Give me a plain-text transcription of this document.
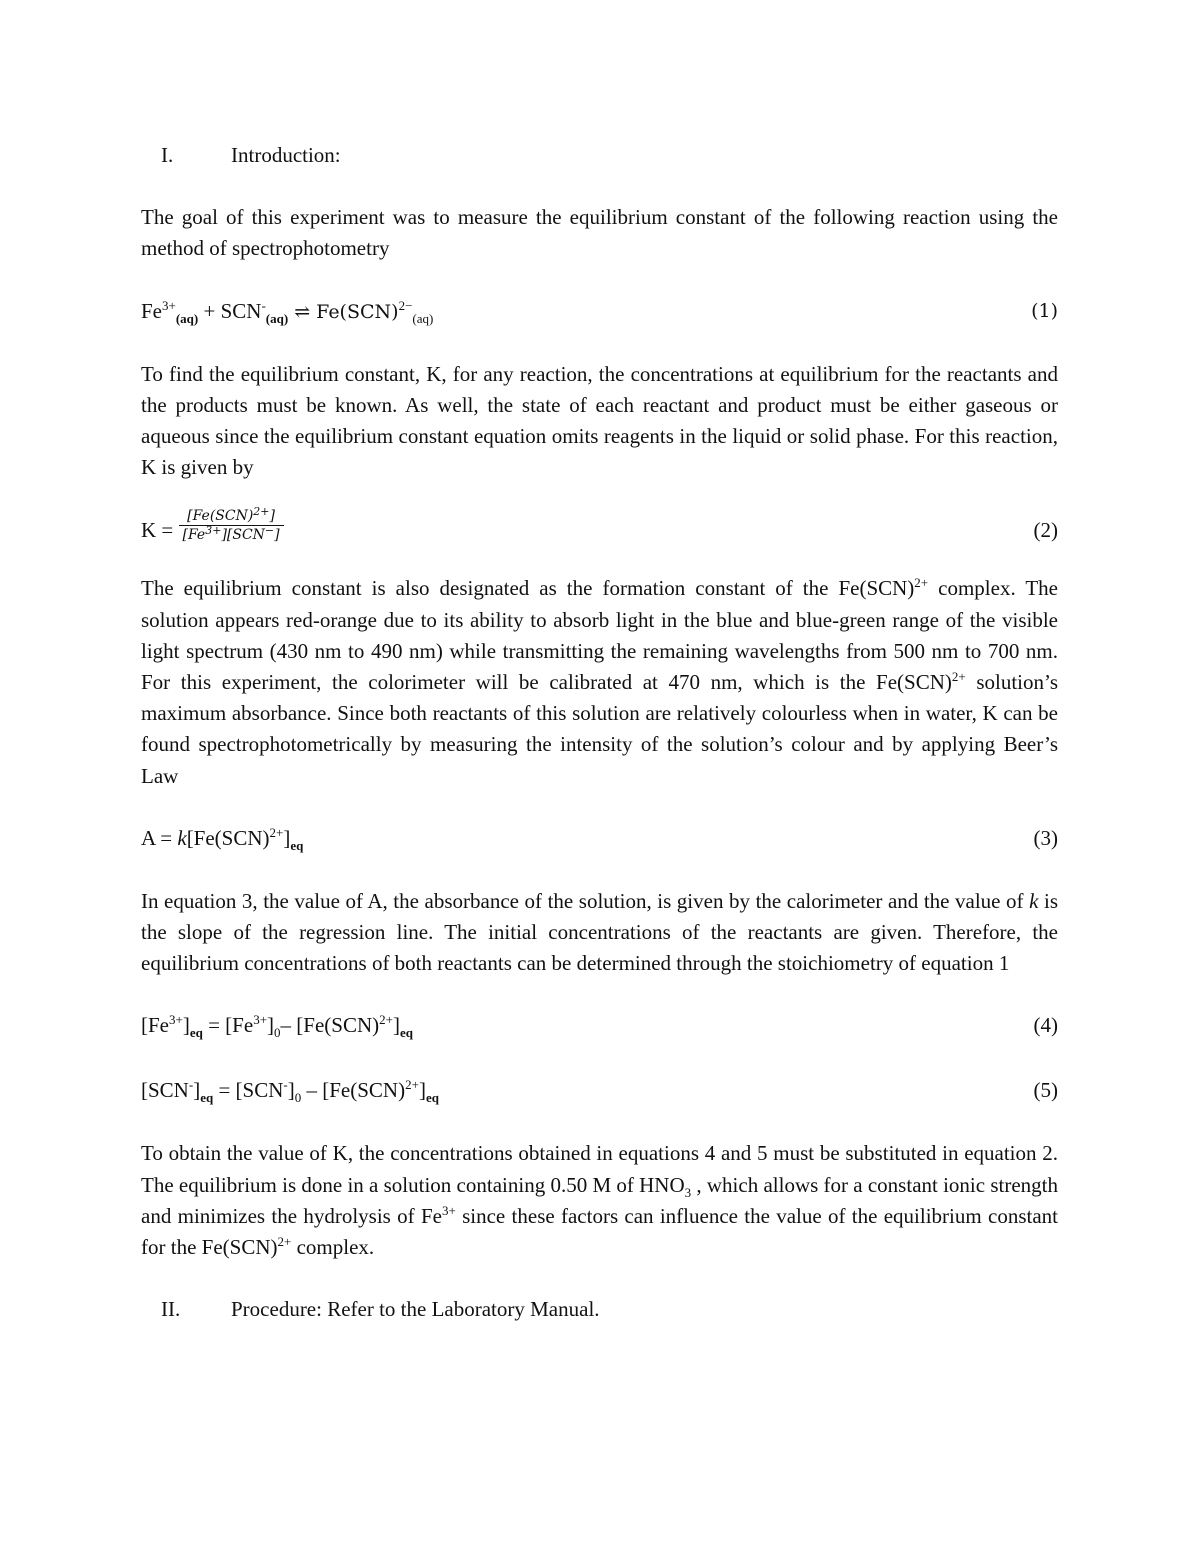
I.	Introduction:

The goal of this experiment was to measure the equilibrium constant of the following reaction using the method of spectrophotometry

$Fe^{3+}_{(aq)} + SCN^-_{(aq)}$ ⇌ Fe(SCN)$^{2-}_{(aq)}$	(1)

To find the equilibrium constant, K, for any reaction, the concentrations at equilibrium for the reactants and the products must be known. As well, the state of each reactant and product must be either gaseous or aqueous since the equilibrium constant equation omits reagents in the liquid or solid phase. For this reaction, K is given by

$K = \frac{[Fe(SCN)^{2+}]}{[Fe^{3+}][SCN^-]}$	(2)

The equilibrium constant is also designated as the formation constant of the Fe(SCN)$^{2+}$ complex. The solution appears red-orange due to its ability to absorb light in the blue and blue-green range of the visible light spectrum (430 nm to 490 nm) while transmitting the remaining wavelengths from 500 nm to 700 nm. For this experiment, the colorimeter will be calibrated at 470 nm, which is the Fe(SCN)$^{2+}$ solution’s maximum absorbance. Since both reactants of this solution are relatively colourless when in water, K can be found spectrophotometrically by measuring the intensity of the solution’s colour and by applying Beer’s Law

$A = k[Fe(SCN)^{2+}]_{eq}$	(3)

In equation 3, the value of A, the absorbance of the solution, is given by the calorimeter and the value of k is the slope of the regression line. The initial concentrations of the reactants are given. Therefore, the equilibrium concentrations of both reactants can be determined through the stoichiometry of equation 1

$[Fe^{3+}]_{eq} = [Fe^{3+}]_0-$ $[Fe(SCN)^{2+}]_{eq}$	(4)
$[SCN^-]_{eq} = [SCN^-]_0 - [Fe(SCN)^{2+}]_{eq}$	(5)

To obtain the value of K, the concentrations obtained in equations 4 and 5 must be substituted in equation 2. The equilibrium is done in a solution containing 0.50 M of $HNO_3$ , which allows for a constant ionic strength and minimizes the hydrolysis of $Fe^{3+}$ since these factors can influence the value of the equilibrium constant for the Fe(SCN)$^{2+}$ complex.

II.	Procedure: Refer to the Laboratory Manual.
